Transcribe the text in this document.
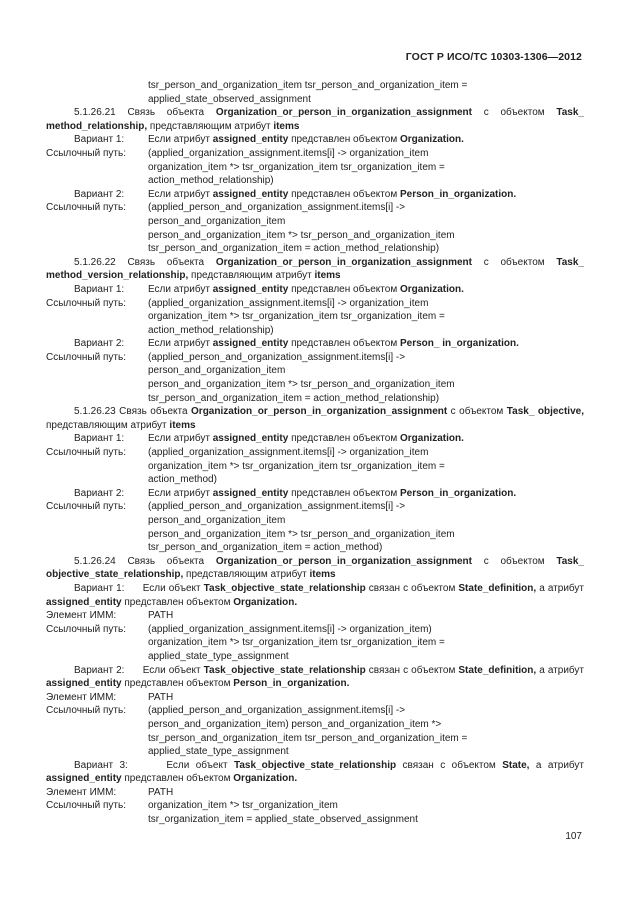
ГОСТ Р ИСО/ТС 10303-1306—2012

tsr_person_and_organization_item tsr_person_and_organization_item =

applied_state_observed_assignment

5.1.26.21 Связь объекта Organization_or_person_in_organization_assignment с объектом Task_ method_relationship, представляющим атрибут items

Вариант 1:	Если атрибут assigned_entity представлен объектом Organization.
Ссылочный путь:	(applied_organization_assignment.items[i] -> organization_item

organization_item *> tsr_organization_item tsr_organization_item =

action_method_relationship)

Вариант 2:	Если атрибут assigned_entity представлен объектом Person_in_organization.
Ссылочный путь:	(applied_person_and_organization_assignment.items[i] ->

person_and_organization_item

person_and_organization_item *> tsr_person_and_organization_item

tsr_person_and_organization_item = action_method_relationship)

5.1.26.22 Связь объекта Organization_or_person_in_organization_assignment с объектом Task_ method_version_relationship, представляющим атрибут items

Вариант 1:	Если атрибут assigned_entity представлен объектом Organization.
Ссылочный путь:	(applied_organization_assignment.items[i] -> organization_item

organization_item *> tsr_organization_item tsr_organization_item =

action_method_relationship)

Вариант 2:	Если атрибут assigned_entity представлен объектом Person_ in_organization.
Ссылочный путь:	(applied_person_and_organization_assignment.items[i] ->

person_and_organization_item

person_and_organization_item *> tsr_person_and_organization_item

tsr_person_and_organization_item = action_method_relationship)

5.1.26.23 Связь объекта Organization_or_person_in_organization_assignment с объектом Task_ objective, представляющим атрибут items

Вариант 1:	Если атрибут assigned_entity представлен объектом Organization.
Ссылочный путь:	(applied_organization_assignment.items[i] -> organization_item

organization_item *> tsr_organization_item tsr_organization_item =

action_method)

Вариант 2:	Если атрибут assigned_entity представлен объектом Person_in_organization.
Ссылочный путь:	(applied_person_and_organization_assignment.items[i] ->

person_and_organization_item

person_and_organization_item *> tsr_person_and_organization_item

tsr_person_and_organization_item = action_method)

5.1.26.24 Связь объекта Organization_or_person_in_organization_assignment с объектом Task_ objective_state_relationship, представляющим атрибут items

Вариант 1: Если объект Task_objective_state_relationship связан с объектом State_definition, а атрибут assigned_entity представлен объектом Organization.

Элемент ИММ:	PATH
Ссылочный путь:	(applied_organization_assignment.items[i] -> organization_item)

organization_item *> tsr_organization_item tsr_organization_item =

applied_state_type_assignment

Вариант 2: Если объект Task_objective_state_relationship связан с объектом State_definition, а атрибут assigned_entity представлен объектом Person_in_organization.

Элемент ИММ:	PATH
Ссылочный путь:	(applied_person_and_organization_assignment.items[i] ->

person_and_organization_item) person_and_organization_item *>

tsr_person_and_organization_item tsr_person_and_organization_item =

applied_state_type_assignment

Вариант 3:	Если объект Task_objective_state_relationship связан с объектом State, а атрибут assigned_entity представлен объектом Organization.

Элемент ИММ:	PATH
Ссылочный путь:	organization_item *> tsr_organization_item

tsr_organization_item = applied_state_observed_assignment

107
